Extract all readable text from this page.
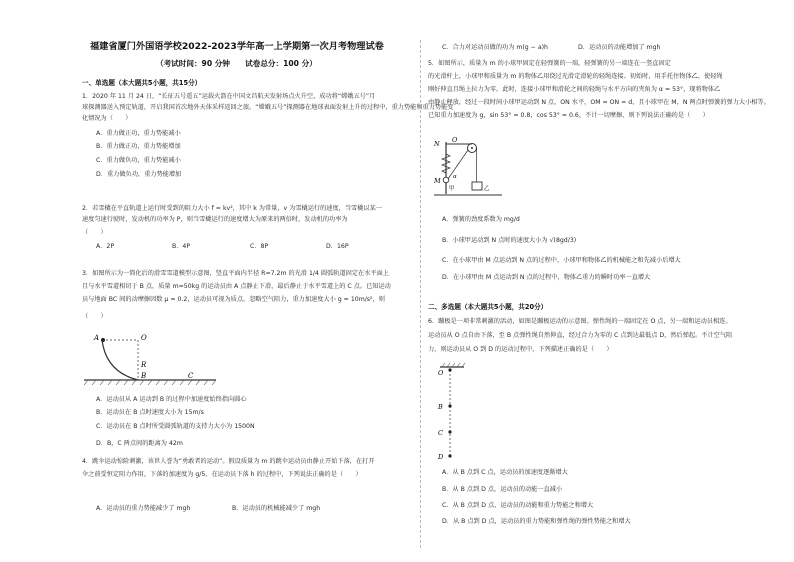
福建省厦门外国语学校2022-2023学年高一上学期第一次月考物理试卷
（考试时间：90 分钟　　试卷总分：100 分）
一、单选题（本大题共5小题，共15分）
1．2020 年 11 月 24 日，“长征五号遥五”运载火箭在中国文昌航天发射场点火升空，成功将“嫦娥五号”月
球探测器送入预定轨道，开启我国首次地外天体采样返回之旅。“嫦娥五号”探测器在地球表面发射上升的过程中，重力势能和重力势能变
化情况为（　　）
A．重力做正功，重力势能减小
B．重力做正功，重力势能增加
C．重力做负功，重力势能减小
D．重力做负功，重力势能增加
2．若雪橇在平直轨道上运行时受到的阻力大小 f = kv²，其中 k 为常量，v 为雪橇运行的速度，当雪橇以某一
速度匀速行驶时，发动机的功率为 P，则当雪橇运行的速度增大为原来的两倍时，发动机的功率为
（　　）
A．2P	B．4P	C．8P	D．16P
3．如图所示为一简化后的滑雪雪道模型示意图，竖直平面内半径 R=7.2m 的光滑 1/4 圆弧轨道固定在水平面上
且与水平雪道相切于 B 点，质量 m=50kg 的运动员由 A 点静止下滑，最后静止于水平雪道上的 C 点。已知运动
员与地面 BC 间的动摩擦因数 μ = 0.2，运动员可视为质点，忽略空气阻力，重力加速度大小 g = 10m/s²，则
（　　）
A	O
R
B	C
A．运动员从 A 运动到 B 的过程中加速度始终指向圆心
B．运动员在 B 点时速度大小为 15m/s
C．运动员在 B 点时所受圆弧轨道的支持力大小为 1500N
D．B、C 两点间的距离为 42m
4．跳伞运动惊险刺激，该世人誉为“勇敢者的运动”。假设质量为 m 的跳伞运动员由静止开始下落，在打开
伞之前受恒定阻力作用，下落的加速度为 g/5，在运动员下落 h 的过程中，下列说法正确的是（　　）
A．运动员的重力势能减少了 mgh	B．运动员的机械能减少了 mgh
C．合力对运动员做的功为 m(g − a)h	D．运动员的动能增加了 mgh
5．如图所示，质量为 m 的小球甲固定在轻弹簧的一端，轻弹簧的另一端连在一竖直固定
的光滑杆上，小球甲和质量为 m 的物体乙用绕过光滑定滑轮的轻绳连接。初始时，用手托住物体乙，使轻绳
刚好伸直且绳上拉力为零，此时，连接小球甲和滑轮之间的轻绳与水平方向的夹角为 α = 53°，现将物体乙
由静止释放，经过一段时间小球甲运动到 N 点，ON 水平，OM = ON = d，且小球甲在 M，N 两点时弹簧的弹力大小相等。
已知重力加速度为 g，sin 53° = 0.8，cos 53° = 0.6，不计一切摩擦，则下列说法正确的是（　　）
N O
M α
甲	乙
A．弹簧的劲度系数为 mg/d
B．小球甲运动到 N 点时的速度大小为 √(8gd/3)
C．在小球甲由 M 点运动到 N 点的过程中，小球甲和物体乙的机械能之和先减小后增大
D．在小球甲由 M 点运动到 N 点的过程中，物体乙重力的瞬时功率一直增大
二、多选题（本大题共5小题，共20分）
6．蹦极是一项非常刺激的活动，如图是蹦极运动的示意图。弹性绳的一端固定在 O 点，另一端和运动员相连。
运动员从 O 点自由下落，至 B 点弹性绳自然伸直，经过合力为零的 C 点到达最低点 D，然后弹起。不计空气阻
力，则运动员从 O 到 D 的运动过程中，下列描述正确的是（　　）
O
B
C
D
A．从 B 点到 C 点，运动员的加速度逐渐增大
B．从 B 点到 D 点，运动员的动能一直减小
C．从 B 点到 D 点，运动员的动能和重力势能之和增大
D．从 B 点到 D 点，运动员的重力势能和弹性绳的弹性势能之和增大
